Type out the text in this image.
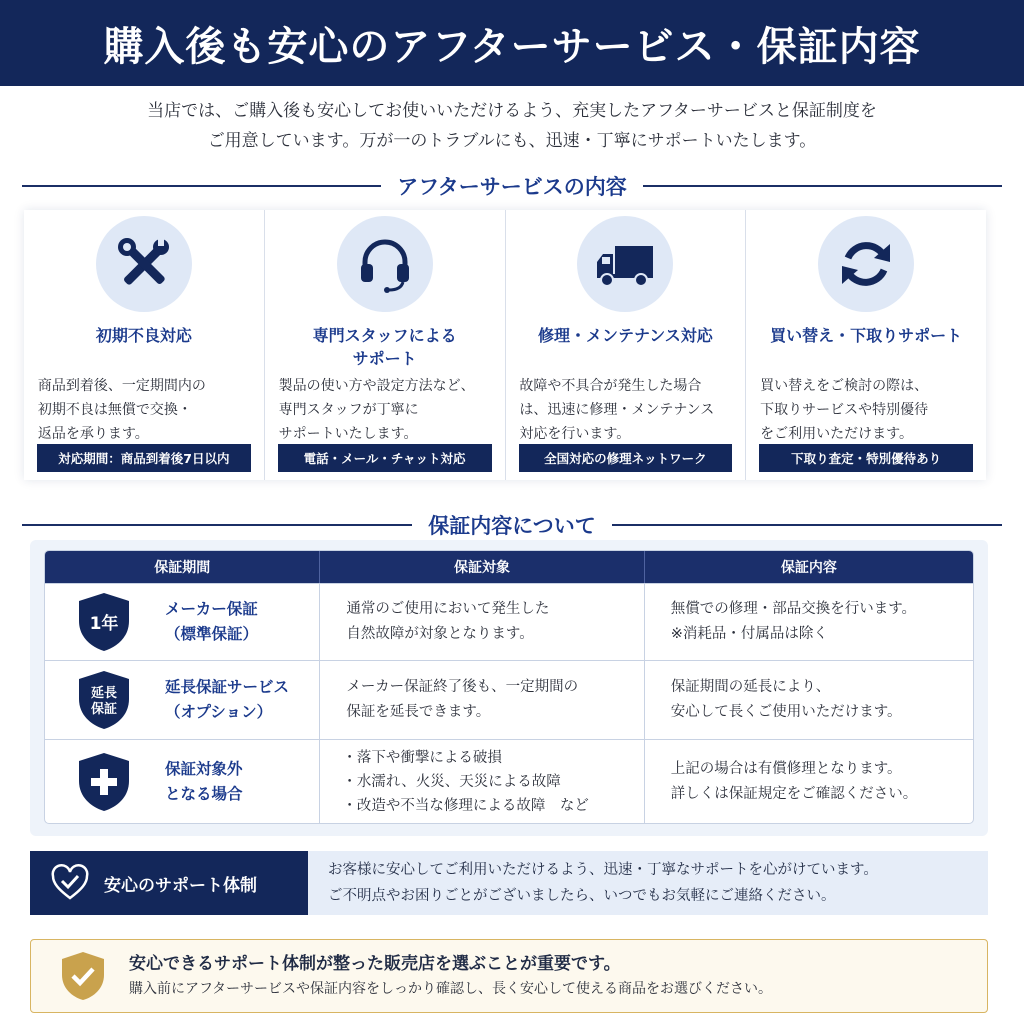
購入後も安心のアフターサービス・保証内容
当店では、ご購入後も安心してお使いいただけるよう、充実したアフターサービスと保証制度を
ご用意しています。万が一のトラブルにも、迅速・丁寧にサポートいたします。
アフターサービスの内容
初期不良対応
商品到着後、一定期間内の
初期不良は無償で交換・
返品を承ります。
対応期間：商品到着後7日以内
専門スタッフによる
サポート
製品の使い方や設定方法など、
専門スタッフが丁寧に
サポートいたします。
電話・メール・チャット対応
修理・メンテナンス対応
故障や不具合が発生した場合
は、迅速に修理・メンテナンス
対応を行います。
全国対応の修理ネットワーク
買い替え・下取りサポート
買い替えをご検討の際は、
下取りサービスや特別優待
をご利用いただけます。
下取り査定・特別優待あり
保証内容について
保証期間	保証対象	保証内容
1年
メーカー保証
（標準保証）
通常のご使用において発生した
自然故障が対象となります。
無償での修理・部品交換を行います。
※消耗品・付属品は除く
延長
保証
延長保証サービス
（オプション）
メーカー保証終了後も、一定期間の
保証を延長できます。
保証期間の延長により、
安心して長くご使用いただけます。
保証対象外
となる場合
・落下や衝撃による破損
・水濡れ、火災、天災による故障
・改造や不当な修理による故障　など
上記の場合は有償修理となります。
詳しくは保証規定をご確認ください。
安心のサポート体制
お客様に安心してご利用いただけるよう、迅速・丁寧なサポートを心がけています。
ご不明点やお困りごとがございましたら、いつでもお気軽にご連絡ください。
安心できるサポート体制が整った販売店を選ぶことが重要です。
購入前にアフターサービスや保証内容をしっかり確認し、長く安心して使える商品をお選びください。
